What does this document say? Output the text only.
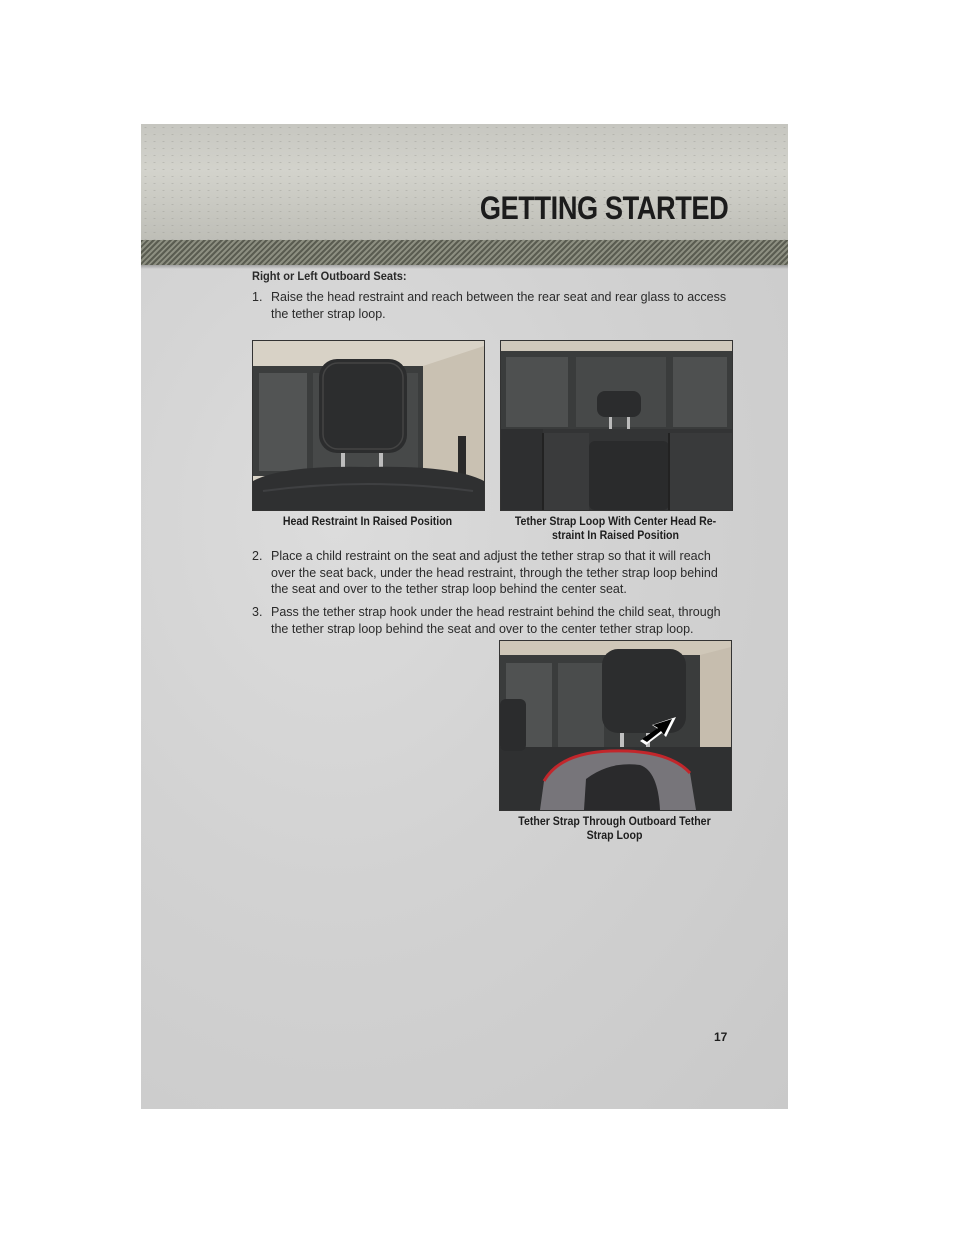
GETTING STARTED
Right or Left Outboard Seats:
1. Raise the head restraint and reach between the rear seat and rear glass to access the tether strap loop.
Head Restraint In Raised Position	Tether Strap Loop With Center Head Re-straint In Raised Position
2. Place a child restraint on the seat and adjust the tether strap so that it will reach over the seat back, under the head restraint, through the tether strap loop behind the seat and over to the tether strap loop behind the center seat.
3. Pass the tether strap hook under the head restraint behind the child seat, through the tether strap loop behind the seat and over to the center tether strap loop.
Tether Strap Through Outboard Tether Strap Loop
17
